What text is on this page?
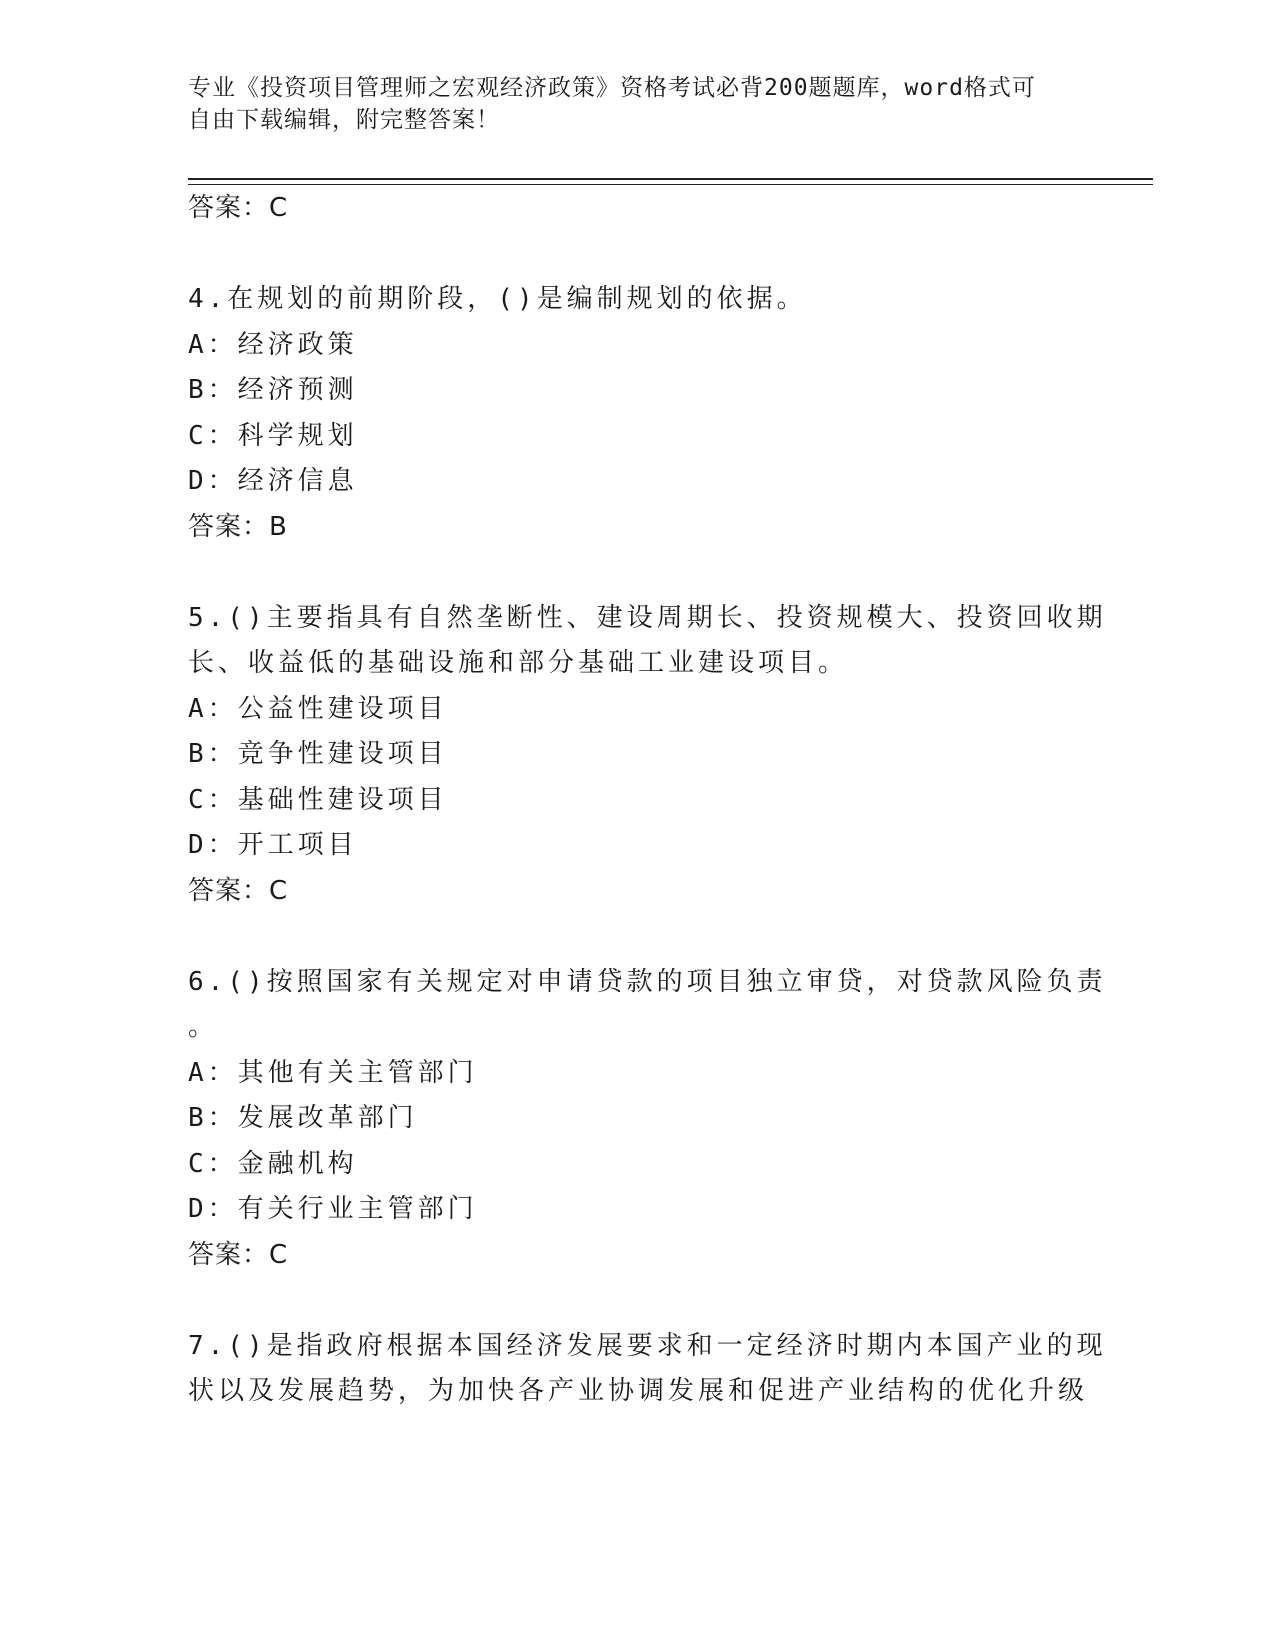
专业《投资项目管理师之宏观经济政策》资格考试必背200题题库，word格式可
自由下载编辑，附完整答案！
答案：C
4.在规划的前期阶段，()是编制规划的依据。
A：经济政策
B：经济预测
C：科学规划
D：经济信息
答案：B
5.()主要指具有自然垄断性、建设周期长、投资规模大、投资回收期
长、收益低的基础设施和部分基础工业建设项目。
A：公益性建设项目
B：竞争性建设项目
C：基础性建设项目
D：开工项目
答案：C
6.()按照国家有关规定对申请贷款的项目独立审贷，对贷款风险负责
。
A：其他有关主管部门
B：发展改革部门
C：金融机构
D：有关行业主管部门
答案：C
7.()是指政府根据本国经济发展要求和一定经济时期内本国产业的现
状以及发展趋势，为加快各产业协调发展和促进产业结构的优化升级
